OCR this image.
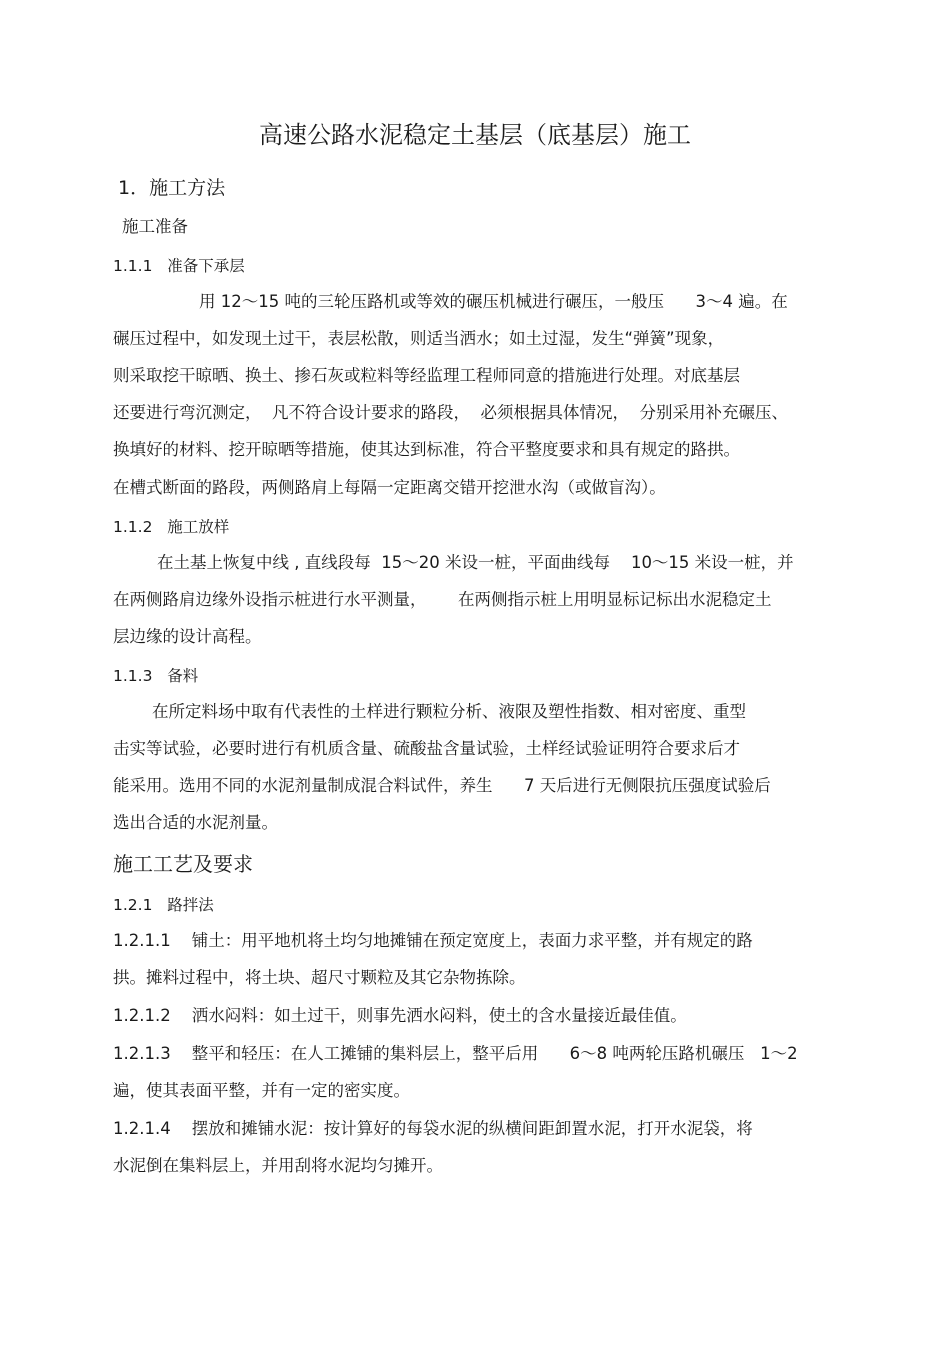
高速公路水泥稳定土基层（底基层）施工
1．施工方法
施工准备
1.1.1   准备下承层
用 12～15 吨的三轮压路机或等效的碾压机械进行碾压，一般压      3～4 遍。在
碾压过程中，如发现土过干，表层松散，则适当洒水；如土过湿，发生“弹簧”现象，
则采取挖干晾晒、换土、掺石灰或粒料等经监理工程师同意的措施进行处理。对底基层
还要进行弯沉测定，  凡不符合设计要求的路段，  必须根据具体情况，  分别采用补充碾压、
换填好的材料、挖开晾晒等措施，使其达到标准，符合平整度要求和具有规定的路拱。
在槽式断面的路段，两侧路肩上每隔一定距离交错开挖泄水沟（或做盲沟）。
1.1.2   施工放样
在土基上恢复中线 , 直线段每  15～20 米设一桩，平面曲线每    10～15 米设一桩，并
在两侧路肩边缘外设指示桩进行水平测量，      在两侧指示桩上用明显标记标出水泥稳定土
层边缘的设计高程。
1.1.3   备料
在所定料场中取有代表性的土样进行颗粒分析、液限及塑性指数、相对密度、重型
击实等试验，必要时进行有机质含量、硫酸盐含量试验，土样经试验证明符合要求后才
能采用。选用不同的水泥剂量制成混合料试件，养生      7 天后进行无侧限抗压强度试验后
选出合适的水泥剂量。
施工工艺及要求
1.2.1   路拌法
1.2.1.1    铺土：用平地机将土均匀地摊铺在预定宽度上，表面力求平整，并有规定的路
拱。摊料过程中，将土块、超尺寸颗粒及其它杂物拣除。
1.2.1.2    洒水闷料：如土过干，则事先洒水闷料，使土的含水量接近最佳值。
1.2.1.3    整平和轻压：在人工摊铺的集料层上，整平后用      6～8 吨两轮压路机碾压   1～2
遍，使其表面平整，并有一定的密实度。
1.2.1.4    摆放和摊铺水泥：按计算好的每袋水泥的纵横间距卸置水泥，打开水泥袋，将
水泥倒在集料层上，并用刮将水泥均匀摊开。
